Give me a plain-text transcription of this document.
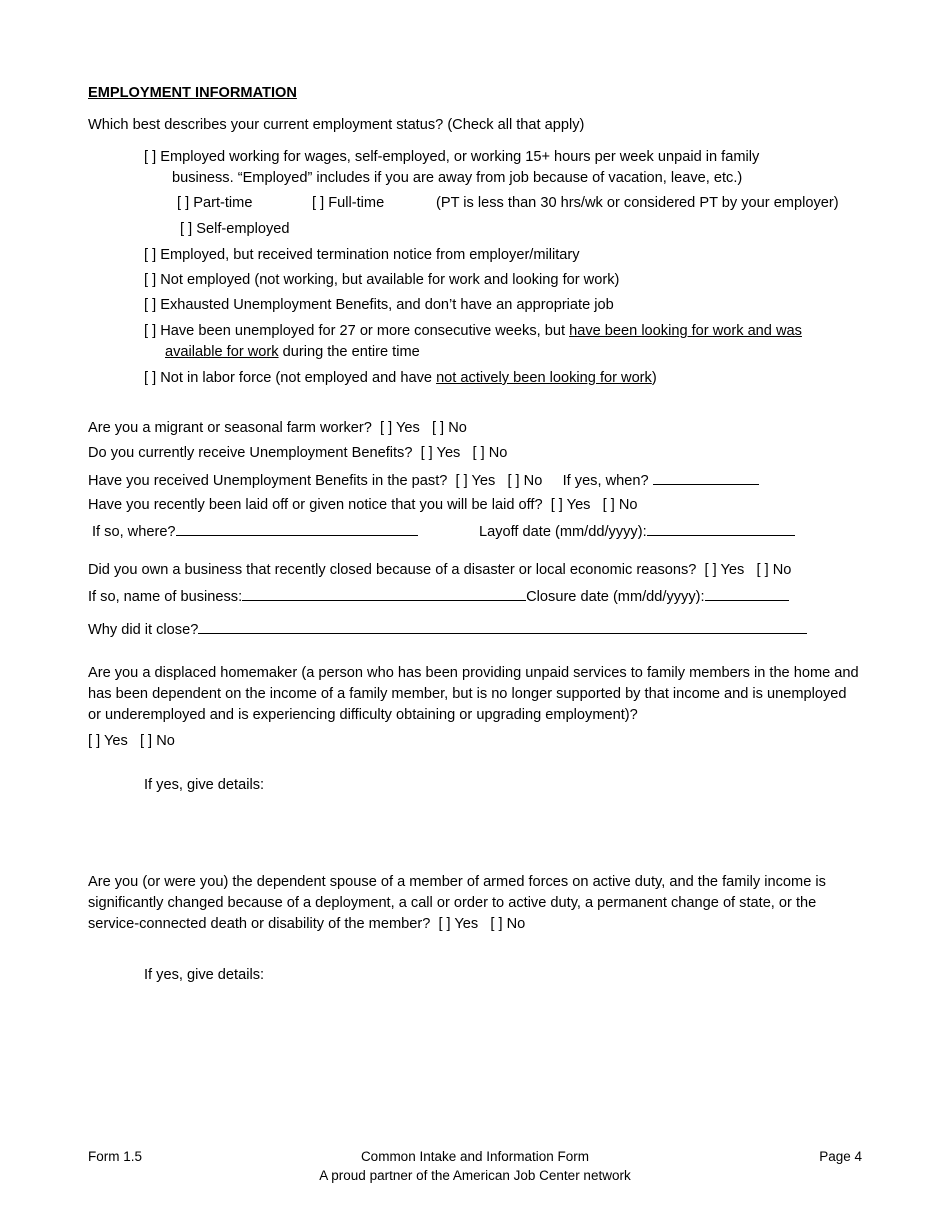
EMPLOYMENT INFORMATION
Which best describes your current employment status? (Check all that apply)
[ ] Employed working for wages, self-employed, or working 15+ hours per week unpaid in family
business. “Employed” includes if you are away from job because of vacation, leave, etc.)
[ ] Part-time	[ ] Full-time	(PT is less than 30 hrs/wk or considered PT by your employer)
[ ] Self-employed
[ ] Employed, but received termination notice from employer/military
[ ] Not employed (not working, but available for work and looking for work)
[ ] Exhausted Unemployment Benefits, and don’t have an appropriate job
[ ] Have been unemployed for 27 or more consecutive weeks, but have been looking for work and was
available for work during the entire time
[ ] Not in labor force (not employed and have not actively been looking for work)
Are you a migrant or seasonal farm worker? [ ] Yes [ ] No
Do you currently receive Unemployment Benefits? [ ] Yes [ ] No
Have you received Unemployment Benefits in the past? [ ] Yes [ ] No If yes, when?
Have you recently been laid off or given notice that you will be laid off? [ ] Yes [ ] No
If so, where?	Layoff date (mm/dd/yyyy):
Did you own a business that recently closed because of a disaster or local economic reasons? [ ] Yes [ ] No
If so, name of business:	Closure date (mm/dd/yyyy):
Why did it close?
Are you a displaced homemaker (a person who has been providing unpaid services to family members in the home and has been dependent on the income of a family member, but is no longer supported by that income and is unemployed or underemployed and is experiencing difficulty obtaining or upgrading employment)?
[ ] Yes [ ] No
If yes, give details:
Are you (or were you) the dependent spouse of a member of armed forces on active duty, and the family income is significantly changed because of a deployment, a call or order to active duty, a permanent change of state, or the service-connected death or disability of the member? [ ] Yes [ ] No
If yes, give details:
Form 1.5	Common Intake and Information Form
A proud partner of the American Job Center network
Page 4
